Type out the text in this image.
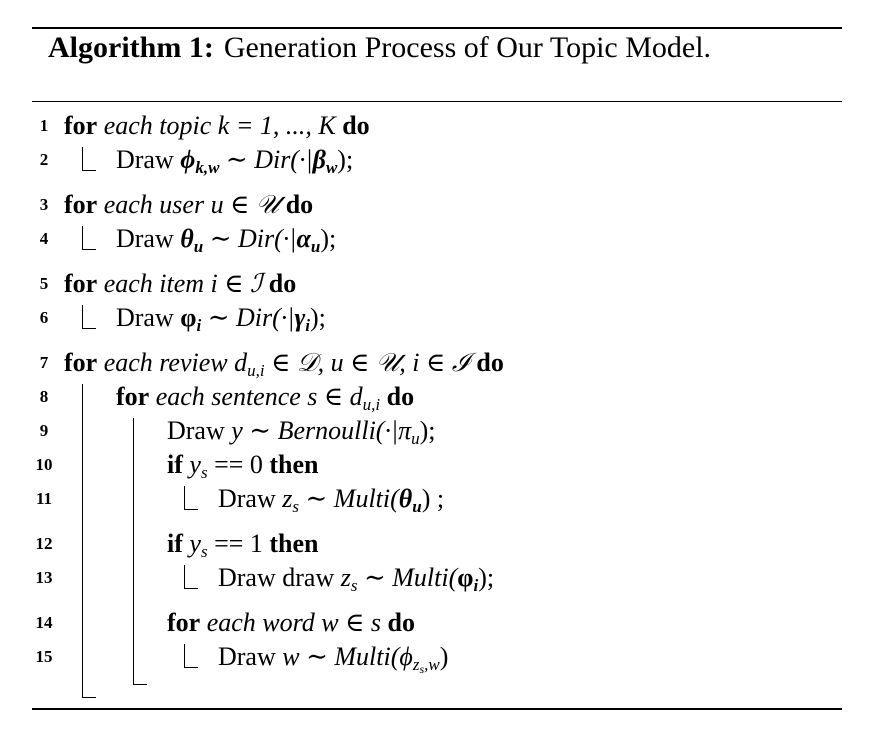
Algorithm 1: Generation Process of Our Topic Model.
1 for each topic k = 1, ..., K do
2	Draw $\phi_{k,w}$ ∼ $Dir(\cdot|\beta_w)$;
3 for each user u ∈ 𝒰 do
4	Draw $\theta_u$ ∼ $Dir(\cdot|\alpha_u)$;
5 for each item i ∈ ℐ do
6	Draw $\varphi_i$ ∼ $Dir(\cdot|\gamma_i)$;
7 for each review $d_{u,i}$ ∈ 𝒟, u ∈ 𝒰, i ∈ ℐ do
8	for each sentence s ∈ $d_{u,i}$ do
9	Draw y ∼ $Bernoulli(\cdot|\pi_u)$;
10	if $y_s == 0$ then
11	Draw $z_s$ ∼ $Multi(\theta_u)$ ;
12	if $y_s == 1$ then
13	Draw draw $z_s$ ∼ $Multi(\varphi_i)$;
14	for each word w ∈ s do
15	Draw w ∼ $Multi(\phi_{z_s,w})$
